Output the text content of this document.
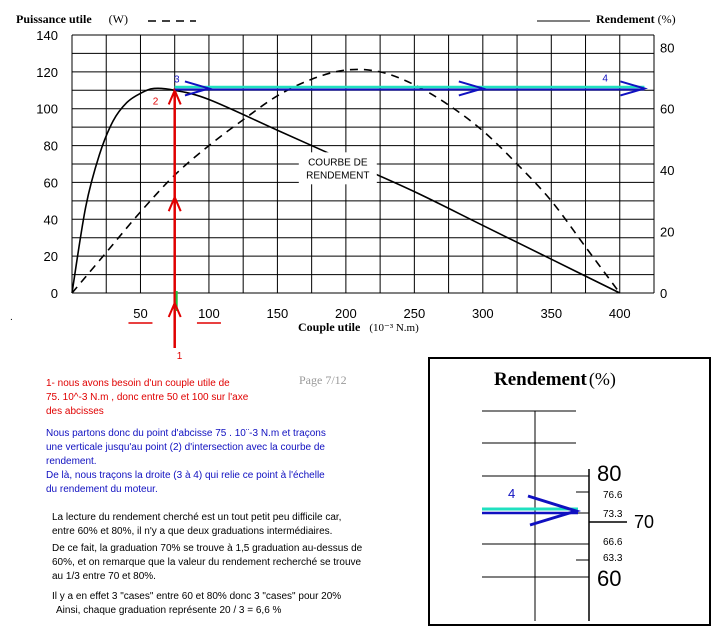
0
20
40
60
80
100
120
140
0
20
40
60
80
50	100	150	200	250	300	350	400
COURBE DE
RENDEMENT
1
2
3	4
Puissance utile (W)	Rendement (%)
Couple utile (10⁻³ N.m)
Page 7/12
.
1- nous avons besoin d'un couple utile de
75. 10^-3 N.m , donc entre 50 et 100 sur l'axe
des abcisses
Nous partons donc du point d'abcisse 75 . 10¨-3 N.m et traçons
une verticale jusqu'au point (2) d'intersection avec la courbe de
rendement.
De là, nous traçons la droite (3 à 4) qui relie ce point à l'échelle
du rendement du moteur.
La lecture du rendement cherché est un tout petit peu difficile car,
entre 60% et 80%, il n'y a que deux graduations intermédiaires.
De ce fait, la graduation 70% se trouve à 1,5 graduation au-dessus de
60%, et on remarque que la valeur du rendement recherché se trouve
au 1/3 entre 70 et 80%.
Il y a en effet 3 "cases" entre 60 et 80% donc 3 "cases" pour 20%
Ainsi, chaque graduation représente 20 / 3 = 6,6 %
Rendement (%)
4
80
76.6
73.3 70
66.6
63.3
60
